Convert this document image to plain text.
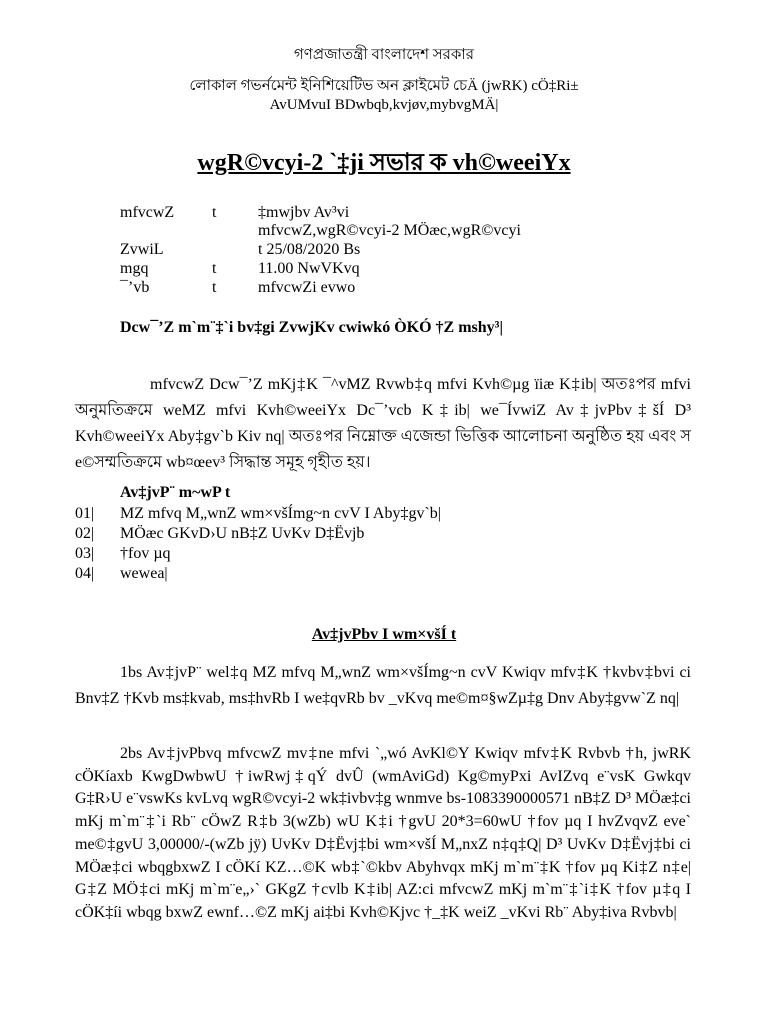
গণপ্রজাতন্ত্রী বাংলাদেশ সরকার
লোকাল গভর্নমেন্ট ইনিশিয়েটিভ অন ক্লাইমেট চেÄ (jwRK) cÖ‡Ri±
AvUMvuI BDwbqb,kvjøv,mybvgMÄ|
wgR©vcyi-2 `‡ji সভার ক vh©weeiYx
mfvcwZ t	‡mwjbv Av³vi
mfvcwZ,wgR©vcyi-2 MÖæc,wgR©vcyi
ZvwiL	t 25/08/2020 Bs
mgq	t	11.00 NwVKvq
¯’vb	t	mfvcwZi evwo
Dcw¯’Z m`m¨‡`i bv‡gi ZvwjKv cwiwkó ÒKÓ †Z mshy³|
mfvcwZ Dcw¯’Z mKj‡K ¯^vMZ Rvwb‡q mfvi Kvh©µg ïiæ K‡ib| অতঃপর mfvi অনুমতিক্রমে weMZ mfvi Kvh©weeiYx Dc¯’vcb K‡ib| we¯ÍvwiZ Av‡jvPbv‡šÍ D³ Kvh©weeiYx Aby‡gv`b Kiv nq| অতঃপর নিম্নোক্ত এজেন্ডা ভিত্তিক আলোচনা অনুষ্ঠিত হয় এবং স e©সম্মতিক্রমে wb¤œev³ সিদ্ধান্ত সমূহ গৃহীত হয়।
Av‡jvP¨ m~wP t
01| MZ mfvq M„wnZ wm×všÍmg~n cvV I Aby‡gv`b|
02| MÖæc GKvD›U nB‡Z UvKv D‡Ëvjb
03| †fov µq
04| wewea|
Av‡jvPbv I wm×všÍ t
1bs Av‡jvP¨ wel‡q MZ mfvq M„wnZ wm×všÍmg~n cvV Kwiqv mfv‡K †kvbv‡bvi ci Bnv‡Z †Kvb ms‡kvab, ms‡hvRb I we‡qvRb bv _vKvq me©m¤§wZµ‡g Dnv Aby‡gvw`Z nq|
2bs Av‡jvPbvq mfvcwZ mv‡ne mfvi `„wó AvKl©Y Kwiqv mfv‡K Rvbvb †h, jwRK cÖKíaxb KwgDwbwU †iwRwj‡qÝ dvÛ (wmAviGd) Kg©myPxi AvIZvq e¨vsK Gwkqv G‡R›U e¨vswKs kvLvq wgR©vcyi-2 wk‡ivbv‡g wnmve bs-1083390000571 nB‡Z D³ MÖæ‡ci mKj m`m¨‡`i Rb¨ cÖwZ R‡b 3(wZb) wU K‡i †gvU 20*3=60wU †fov µq I hvZvqvZ eve` me©‡gvU 3,00000/-(wZb jÿ) UvKv D‡Ëvj‡bi wm×všÍ M„nxZ n‡q‡Q| D³ UvKv D‡Ëvj‡bi ci MÖæ‡ci wbqgbxwZ I cÖKí KZ…©K wb‡`©kbv Abyhvqx mKj m`m¨‡K †fov µq Ki‡Z n‡e| G‡Z MÖ‡ci mKj m`m¨e„›` GKgZ †cvlb K‡ib| AZ:ci mfvcwZ mKj m`m¨‡`i‡K †fov µ‡q I cÖK‡íi wbqg bxwZ ewnf…©Z mKj ai‡bi Kvh©Kjvc †_‡K weiZ _vKvi Rb¨ Aby‡iva Rvbvb|
